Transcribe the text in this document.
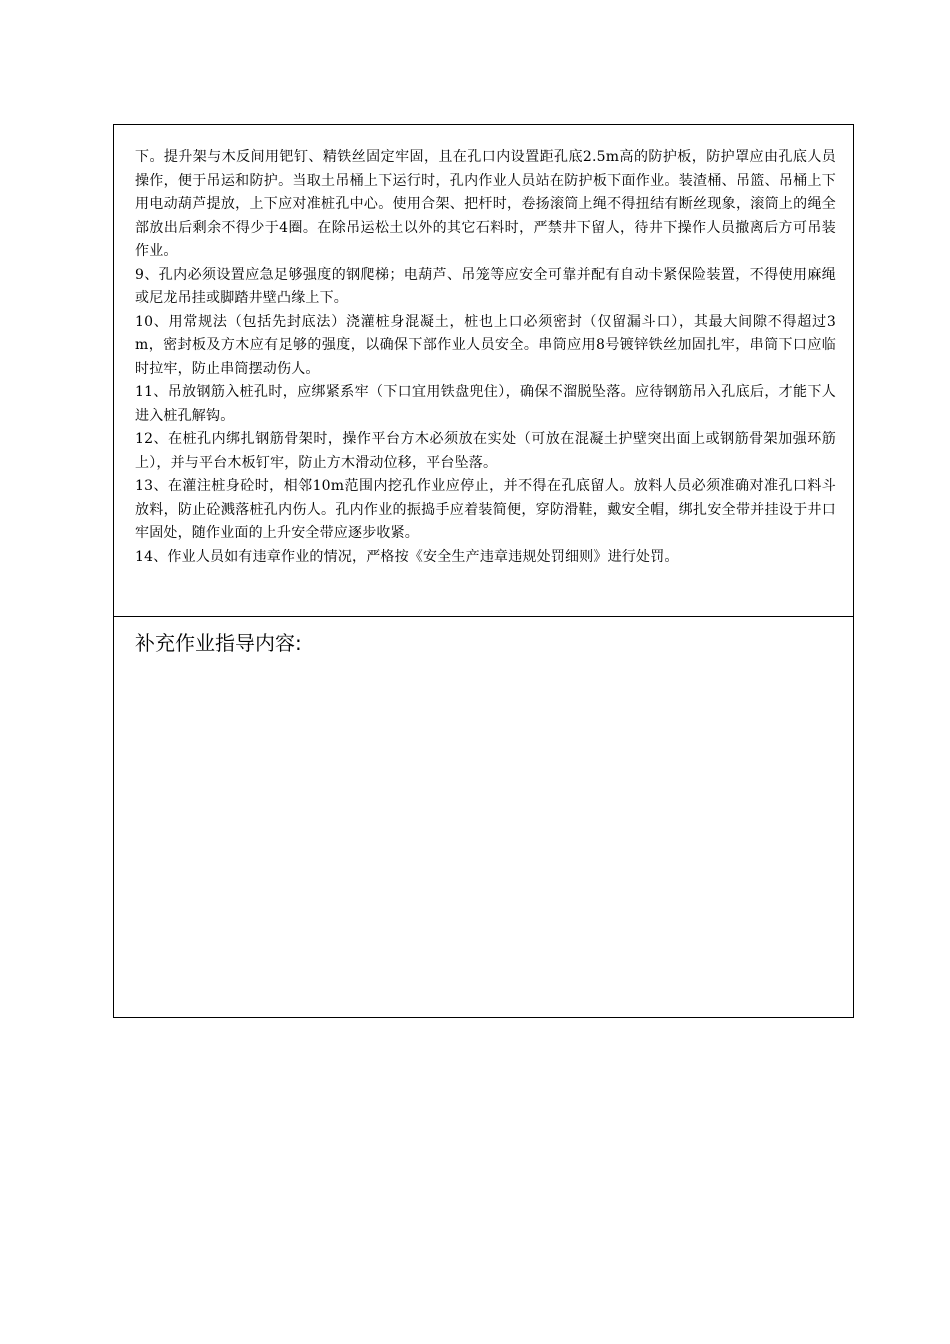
下。提升架与木反间用钯钉、精铁丝固定牢固，且在孔口内设置距孔底2.5m高的防护板，防护罩应由孔底人员操作，便于吊运和防护。当取土吊桶上下运行时，孔内作业人员站在防护板下面作业。装渣桶、吊篮、吊桶上下用电动葫芦提放，上下应对准桩孔中心。使用合架、把杆时，卷扬滚筒上绳不得扭结有断丝现象，滚筒上的绳全部放出后剩余不得少于4圈。在除吊运松土以外的其它石料时，严禁井下留人，待井下操作人员撤离后方可吊装作业。

9、孔内必须设置应急足够强度的钢爬梯；电葫芦、吊笼等应安全可靠并配有自动卡紧保险装置，不得使用麻绳或尼龙吊挂或脚踏井壁凸缘上下。

10、用常规法（包括先封底法）浇灌桩身混凝土，桩也上口必须密封（仅留漏斗口），其最大间隙不得超过3m，密封板及方木应有足够的强度，以确保下部作业人员安全。串筒应用8号镀锌铁丝加固扎牢，串筒下口应临时拉牢，防止串筒摆动伤人。

11、吊放钢筋入桩孔时，应绑紧系牢（下口宜用铁盘兜住），确保不溜脱坠落。应待钢筋吊入孔底后，才能下人进入桩孔解钩。

12、在桩孔内绑扎钢筋骨架时，操作平台方木必须放在实处（可放在混凝土护壁突出面上或钢筋骨架加强环筋上），并与平台木板钉牢，防止方木滑动位移，平台坠落。

13、在灌注桩身砼时，相邻10m范围内挖孔作业应停止，并不得在孔底留人。放料人员必须准确对准孔口料斗放料，防止砼溅落桩孔内伤人。孔内作业的振捣手应着装简便，穿防滑鞋，戴安全帽，绑扎安全带并挂设于井口牢固处，随作业面的上升安全带应逐步收紧。

14、作业人员如有违章作业的情况，严格按《安全生产违章违规处罚细则》进行处罚。

补充作业指导内容:
